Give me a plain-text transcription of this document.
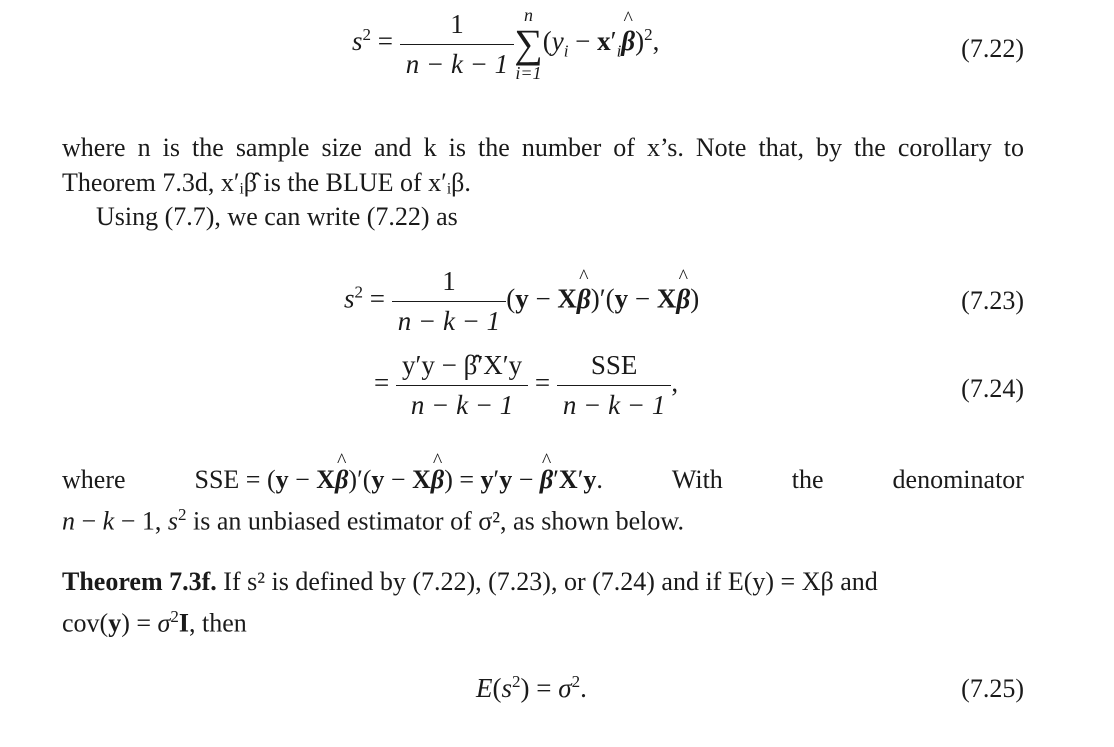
$s^2 = \frac{1}{n - k - 1}$ n
∑
i=1
($y_i$ − $x'_i\^{}$ β)$^2$,	(7.22)
where n is the sample size and k is the number of x’s. Note that, by the corollary to
Theorem 7.3d, x′ᵢβ̂ is the BLUE of x′ᵢβ.
Using (7.7), we can write (7.22) as
$s^2 = \frac{1}{n - k - 1} (y$ − X^ β)′(y − X^ β)	(7.23)
= $\frac{y'y - \betâ'X'y}{n - k - 1} = \frac{\text{SSE}}{n - k - 1}$ ,	(7.24)
where	SSE = (y − X^ β)′(y − X^ β) = y′y − ^ β′X′y.	With	the	denominator
n − k − 1, $s^2$ is an unbiased estimator of σ², as shown below.
Theorem 7.3f. If s² is defined by (7.22), (7.23), or (7.24) and if E(y) = Xβ and
$cov(y) = \sigma^2I$, then
$E(s^2) = \sigma^2$.	(7.25)
